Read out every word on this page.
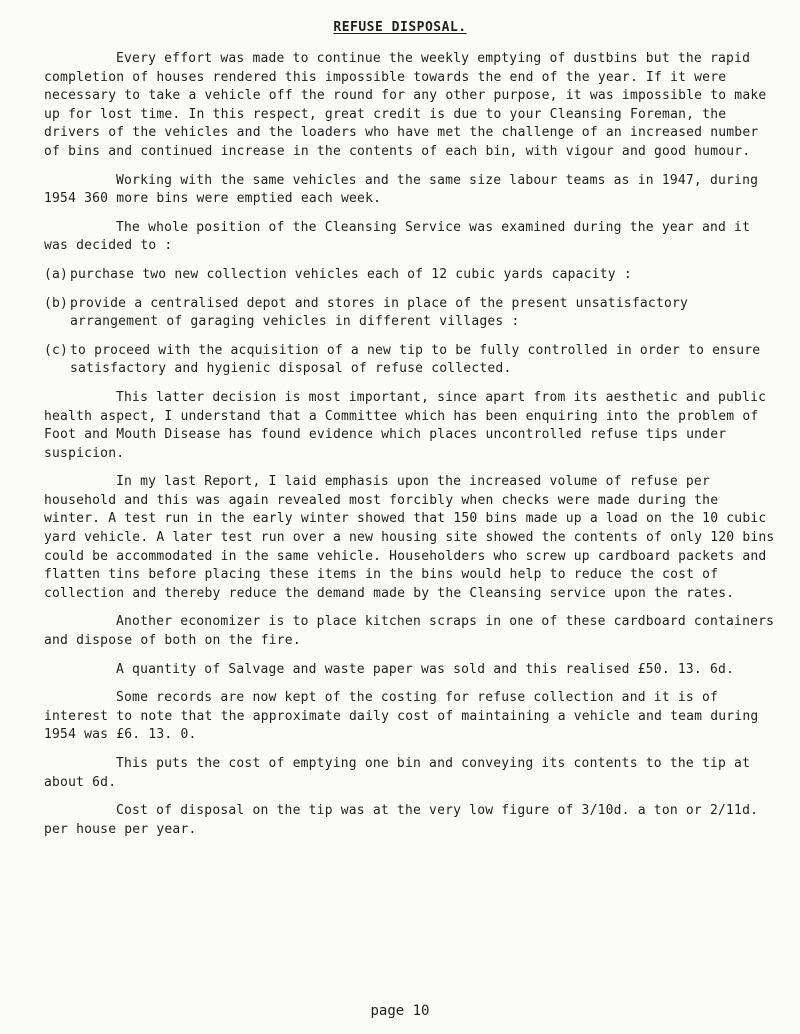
REFUSE DISPOSAL.

Every effort was made to continue the weekly emptying of dustbins but the rapid completion of houses rendered this impossible towards the end of the year. If it were necessary to take a vehicle off the round for any other purpose, it was impossible to make up for lost time. In this respect, great credit is due to your Cleansing Foreman, the drivers of the vehicles and the loaders who have met the challenge of an increased number of bins and continued increase in the contents of each bin, with vigour and good humour.

Working with the same vehicles and the same size labour teams as in 1947, during 1954 360 more bins were emptied each week.

The whole position of the Cleansing Service was examined during the year and it was decided to :

(a) purchase two new collection vehicles each of 12 cubic yards capacity :

(b) provide a centralised depot and stores in place of the present unsatisfactory arrangement of garaging vehicles in different villages :

(c) to proceed with the acquisition of a new tip to be fully controlled in order to ensure satisfactory and hygienic disposal of refuse collected.

This latter decision is most important, since apart from its aesthetic and public health aspect, I understand that a Committee which has been enquiring into the problem of Foot and Mouth Disease has found evidence which places uncontrolled refuse tips under suspicion.

In my last Report, I laid emphasis upon the increased volume of refuse per household and this was again revealed most forcibly when checks were made during the winter. A test run in the early winter showed that 150 bins made up a load on the 10 cubic yard vehicle. A later test run over a new housing site showed the contents of only 120 bins could be accommodated in the same vehicle. Householders who screw up cardboard packets and flatten tins before placing these items in the bins would help to reduce the cost of collection and thereby reduce the demand made by the Cleansing service upon the rates.

Another economizer is to place kitchen scraps in one of these cardboard containers and dispose of both on the fire.

A quantity of Salvage and waste paper was sold and this realised £50. 13. 6d.

Some records are now kept of the costing for refuse collection and it is of interest to note that the approximate daily cost of maintaining a vehicle and team during 1954 was £6. 13. 0.

This puts the cost of emptying one bin and conveying its contents to the tip at about 6d.

Cost of disposal on the tip was at the very low figure of 3/10d. a ton or 2/11d. per house per year.

page 10
